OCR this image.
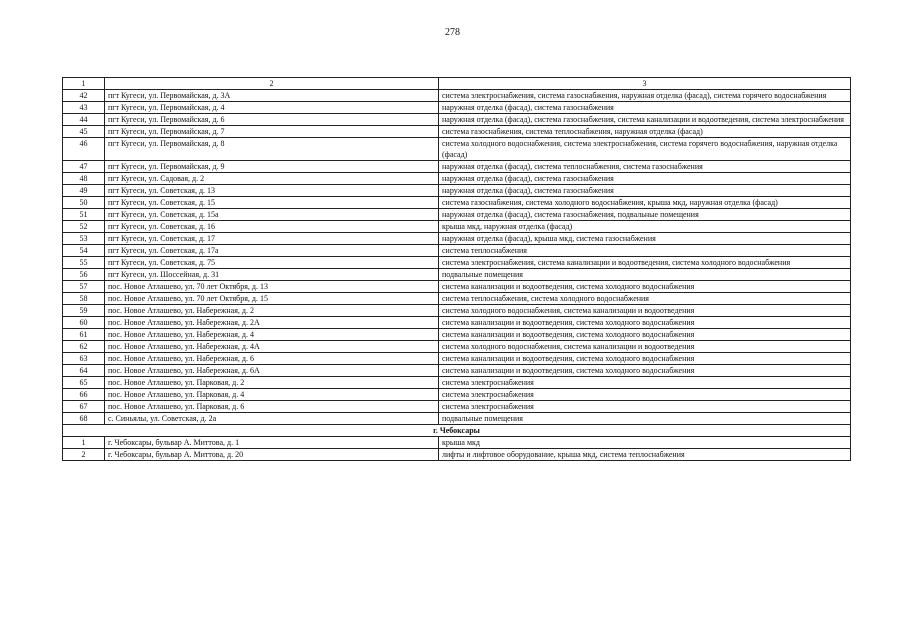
278
1	2	3
42	пгт Кугеси, ул. Первомайская, д. 3А	система электроснабжения, система газоснабжения, наружная отделка (фасад), система горячего водоснабжения
43	пгт Кугеси, ул. Первомайская, д. 4	наружная отделка (фасад), система газоснабжения
44	пгт Кугеси, ул. Первомайская, д. 6	наружная отделка (фасад), система газоснабжения, система канализации и водоотведения, система электроснабжения
45	пгт Кугеси, ул. Первомайская, д. 7	система газоснабжения, система теплоснабжения, наружная отделка (фасад)
46	пгт Кугеси, ул. Первомайская, д. 8	система холодного водоснабжения, система электроснабжения, система горячего водоснабжения, наружная отделка (фасад)
47	пгт Кугеси, ул. Первомайская, д. 9	наружная отделка (фасад), система теплоснабжения, система газоснабжения
48	пгт Кугеси, ул. Садовая, д. 2	наружная отделка (фасад), система газоснабжения
49	пгт Кугеси, ул. Советская, д. 13	наружная отделка (фасад), система газоснабжения
50	пгт Кугеси, ул. Советская, д. 15	система газоснабжения, система холодного водоснабжения, крыша мкд, наружная отделка (фасад)
51	пгт Кугеси, ул. Советская, д. 15а	наружная отделка (фасад), система газоснабжения, подвальные помещения
52	пгт Кугеси, ул. Советская, д. 16	крыша мкд, наружная отделка (фасад)
53	пгт Кугеси, ул. Советская, д. 17	наружная отделка (фасад), крыша мкд, система газоснабжения
54	пгт Кугеси, ул. Советская, д. 17а	система теплоснабжения
55	пгт Кугеси, ул. Советская, д. 75	система электроснабжения, система канализации и водоотведения, система холодного водоснабжения
56	пгт Кугеси, ул. Шоссейная, д. 31	подвальные помещения
57	пос. Новое Атлашево, ул. 70 лет Октября, д. 13	система канализации и водоотведения, система холодного водоснабжения
58	пос. Новое Атлашево, ул. 70 лет Октября, д. 15	система теплоснабжения, система холодного водоснабжения
59	пос. Новое Атлашево, ул. Набережная, д. 2	система холодного водоснабжения, система канализации и водоотведения
60	пос. Новое Атлашево, ул. Набережная, д. 2А	система канализации и водоотведения, система холодного водоснабжения
61	пос. Новое Атлашево, ул. Набережная, д. 4	система канализации и водоотведения, система холодного водоснабжения
62	пос. Новое Атлашево, ул. Набережная, д. 4А	система холодного водоснабжения, система канализации и водоотведения
63	пос. Новое Атлашево, ул. Набережная, д. 6	система канализации и водоотведения, система холодного водоснабжения
64	пос. Новое Атлашево, ул. Набережная, д. 6А	система канализации и водоотведения, система холодного водоснабжения
65	пос. Новое Атлашево, ул. Парковая, д. 2	система электроснабжения
66	пос. Новое Атлашево, ул. Парковая, д. 4	система электроснабжения
67	пос. Новое Атлашево, ул. Парковая, д. 6	система электроснабжения
68	с. Синьялы, ул. Советская, д. 2а	подвальные помещения
г. Чебоксары		
1	г. Чебоксары, бульвар А. Миттова, д. 1	крыша мкд
2	г. Чебоксары, бульвар А. Миттова, д. 20	лифты и лифтовое оборудование, крыша мкд, система теплоснабжения
